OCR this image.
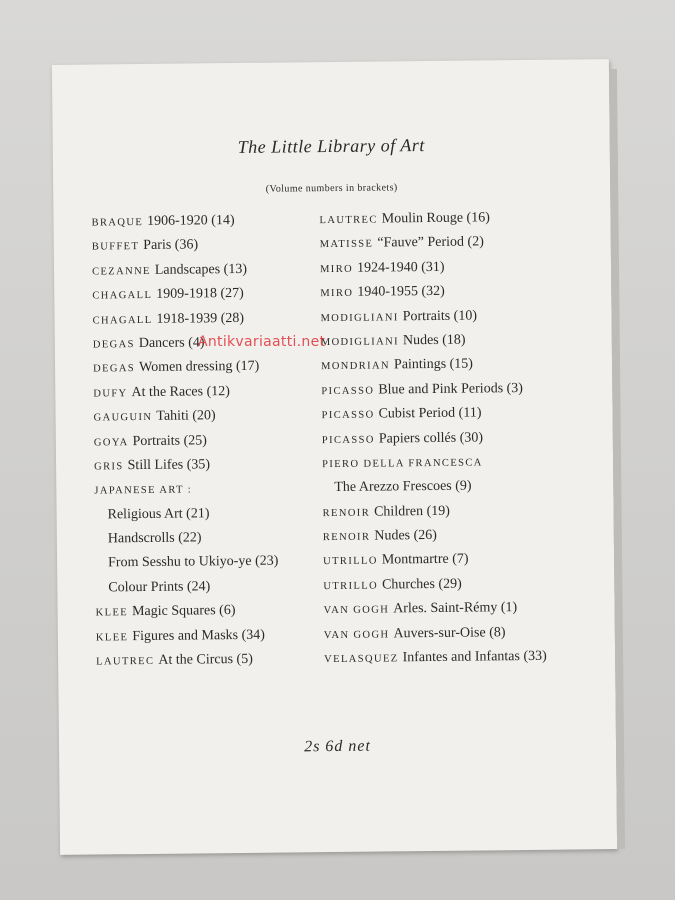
The Little Library of Art
(Volume numbers in brackets)
BRAQUE 1906-1920 (14)
BUFFET Paris (36)
CEZANNE Landscapes (13)
CHAGALL 1909-1918 (27)
CHAGALL 1918-1939 (28)
DEGAS Dancers (4)
DEGAS Women dressing (17)
DUFY At the Races (12)
GAUGUIN Tahiti (20)
GOYA Portraits (25)
GRIS Still Lifes (35)
JAPANESE ART :
Religious Art (21)
Handscrolls (22)
From Sesshu to Ukiyo-ye (23)
Colour Prints (24)
KLEE Magic Squares (6)
KLEE Figures and Masks (34)
LAUTREC At the Circus (5)
LAUTREC Moulin Rouge (16)
MATISSE “Fauve” Period (2)
MIRO 1924-1940 (31)
MIRO 1940-1955 (32)
MODIGLIANI Portraits (10)
MODIGLIANI Nudes (18)
MONDRIAN Paintings (15)
PICASSO Blue and Pink Periods (3)
PICASSO Cubist Period (11)
PICASSO Papiers collés (30)
PIERO DELLA FRANCESCA
The Arezzo Frescoes (9)
RENOIR Children (19)
RENOIR Nudes (26)
UTRILLO Montmartre (7)
UTRILLO Churches (29)
VAN GOGH Arles. Saint-Rémy (1)
VAN GOGH Auvers-sur-Oise (8)
VELASQUEZ Infantes and Infantas (33)
2s 6d net
Antikvariaatti.net
